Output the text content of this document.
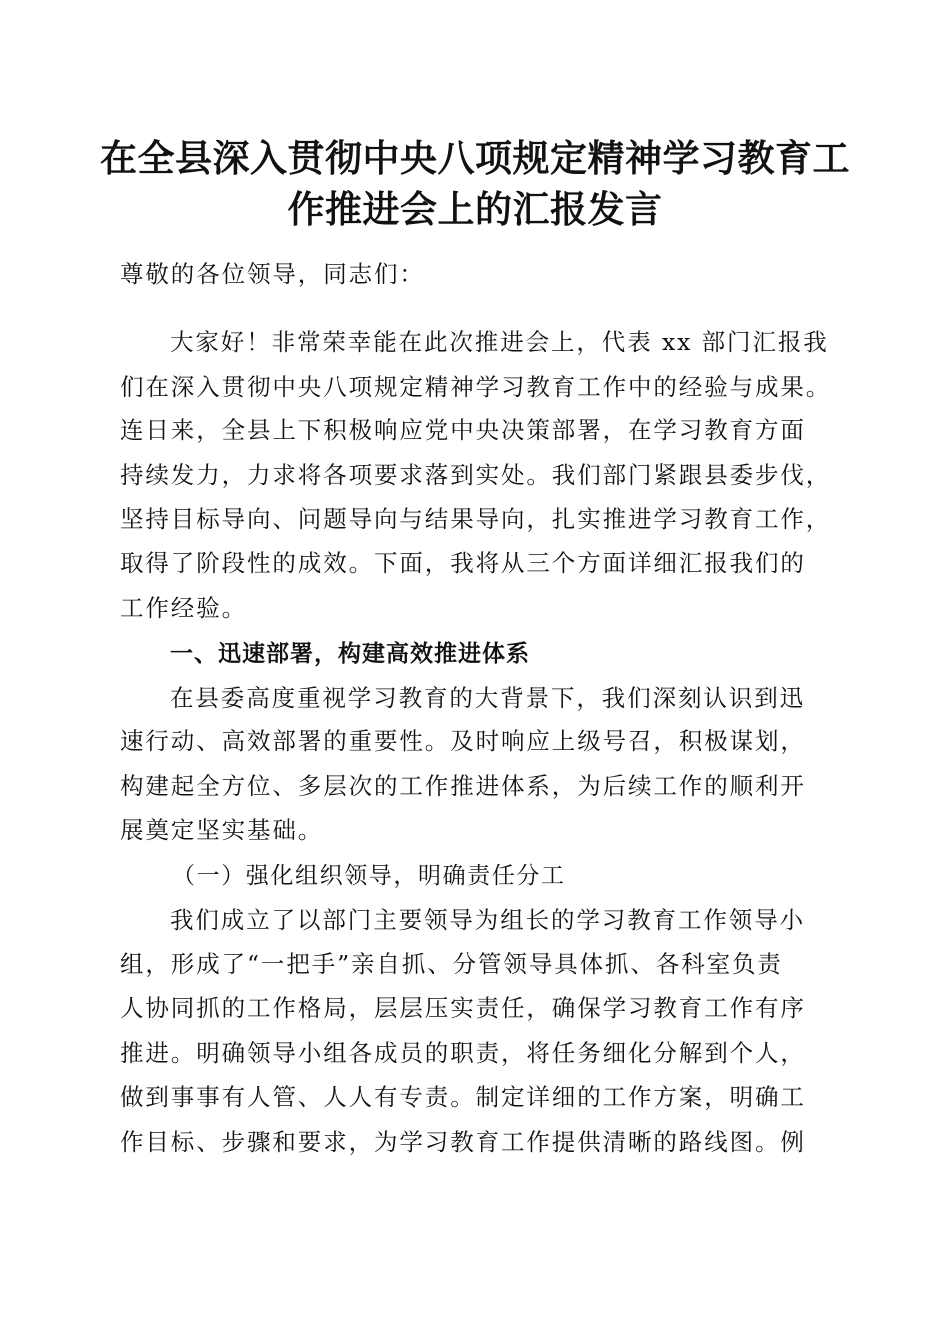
在全县深入贯彻中央八项规定精神学习教育工
作推进会上的汇报发言

尊敬的各位领导，同志们：

大家好！非常荣幸能在此次推进会上，代表 xx 部门汇报我

们在深入贯彻中央八项规定精神学习教育工作中的经验与成果。

连日来，全县上下积极响应党中央决策部署，在学习教育方面

持续发力，力求将各项要求落到实处。我们部门紧跟县委步伐，

坚持目标导向、问题导向与结果导向，扎实推进学习教育工作，

取得了阶段性的成效。下面，我将从三个方面详细汇报我们的

工作经验。

一、迅速部署，构建高效推进体系

在县委高度重视学习教育的大背景下，我们深刻认识到迅

速行动、高效部署的重要性。及时响应上级号召，积极谋划，

构建起全方位、多层次的工作推进体系，为后续工作的顺利开

展奠定坚实基础。

（一）强化组织领导，明确责任分工

我们成立了以部门主要领导为组长的学习教育工作领导小

组，形成了“一把手”亲自抓、分管领导具体抓、各科室负责

人协同抓的工作格局，层层压实责任，确保学习教育工作有序

推进。明确领导小组各成员的职责，将任务细化分解到个人，

做到事事有人管、人人有专责。制定详细的工作方案，明确工

作目标、步骤和要求，为学习教育工作提供清晰的路线图。例
